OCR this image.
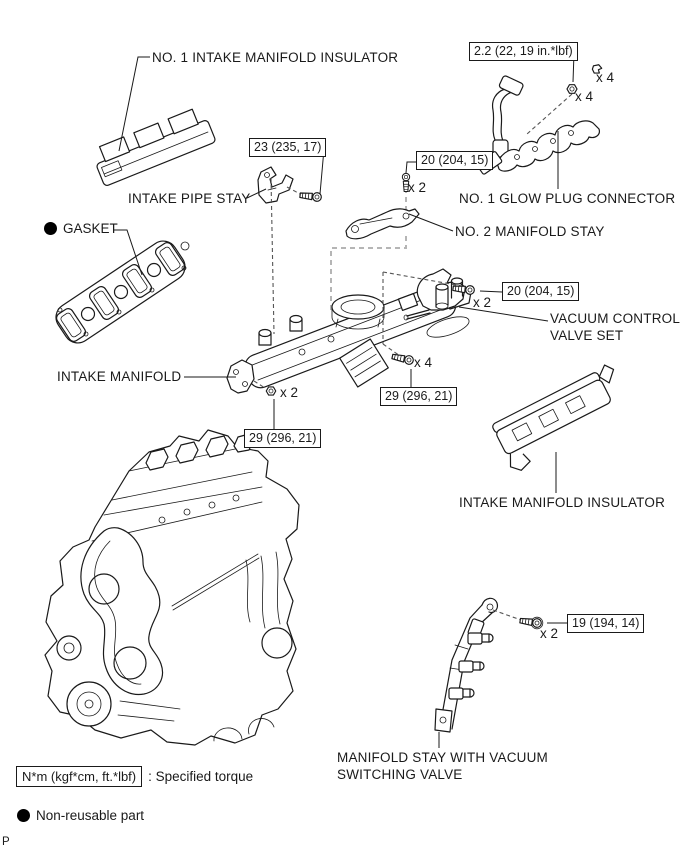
NO. 1 INTAKE MANIFOLD INSULATOR
INTAKE PIPE STAY
GASKET
NO. 1 GLOW PLUG CONNECTOR
NO. 2 MANIFOLD STAY
VACUUM CONTROL
VALVE SET
INTAKE MANIFOLD
INTAKE MANIFOLD INSULATOR
MANIFOLD STAY WITH VACUUM
SWITCHING VALVE
2.2 (22, 19 in.*lbf)
23 (235, 17)
20 (204, 15)
20 (204, 15)
29 (296, 21)
29 (296, 21)
19 (194, 14)
x 4
x 4
x 2
x 2
x 2
x 4
x 2
N*m (kgf*cm, ft.*lbf) : Specified torque
Non-reusable part
P
